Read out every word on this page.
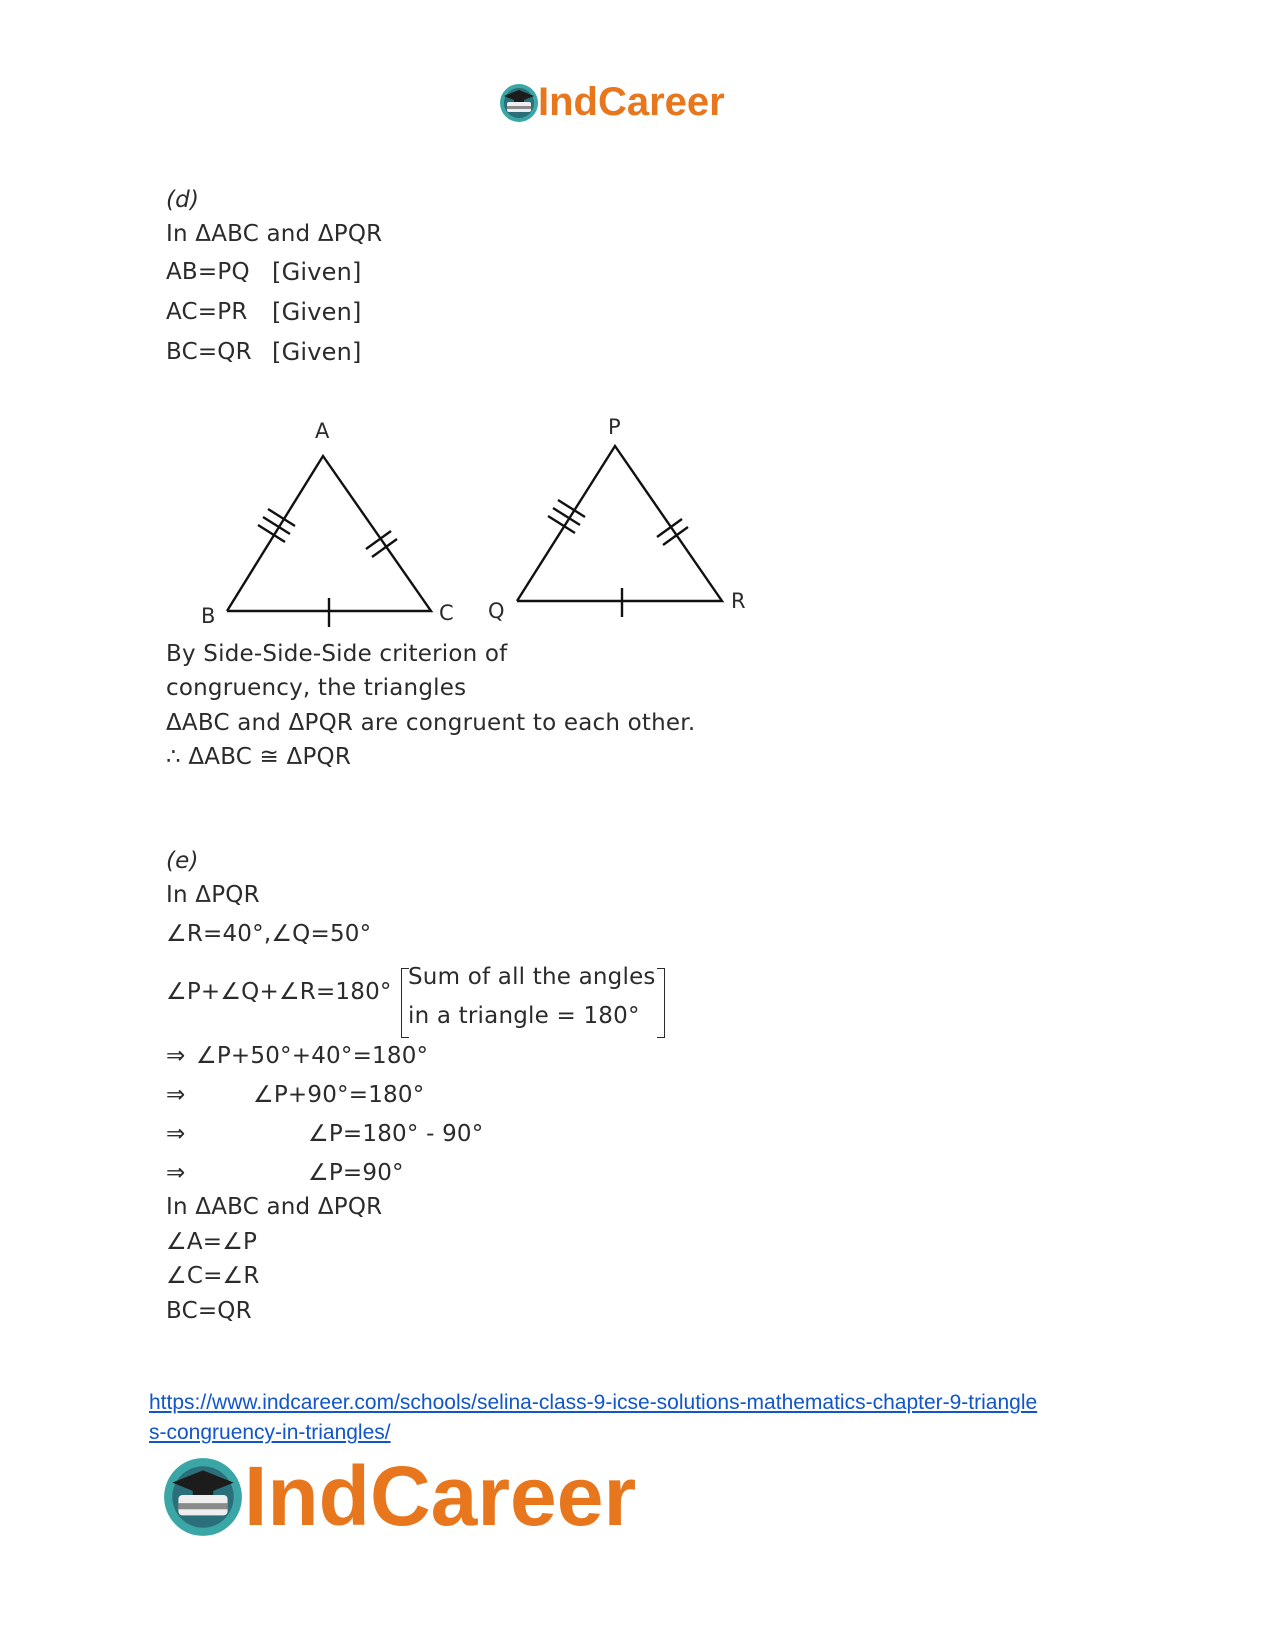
IndCareer
(d)
In ΔABC and ΔPQR
AB=PQ [Given]
AC=PR [Given]
BC=QR [Given]
A
B	C
P
Q	R
By Side-Side-Side criterion of
congruency, the triangles
ΔABC and ΔPQR are congruent to each other.
∴ ΔABC ≅ ΔPQR
(e)
In ΔPQR
∠R=40°,∠Q=50°
∠P+∠Q+∠R=180°
Sum of all the angles
in a triangle = 180°
⇒ ∠P+50°+40°=180°
⇒	∠P+90°=180°
⇒	∠P=180° - 90°
⇒	∠P=90°
In ΔABC and ΔPQR
∠A=∠P
∠C=∠R
BC=QR
https://www.indcareer.com/schools/selina-class-9-icse-solutions-mathematics-chapter-9-triangle
s-congruency-in-triangles/
IndCareer
